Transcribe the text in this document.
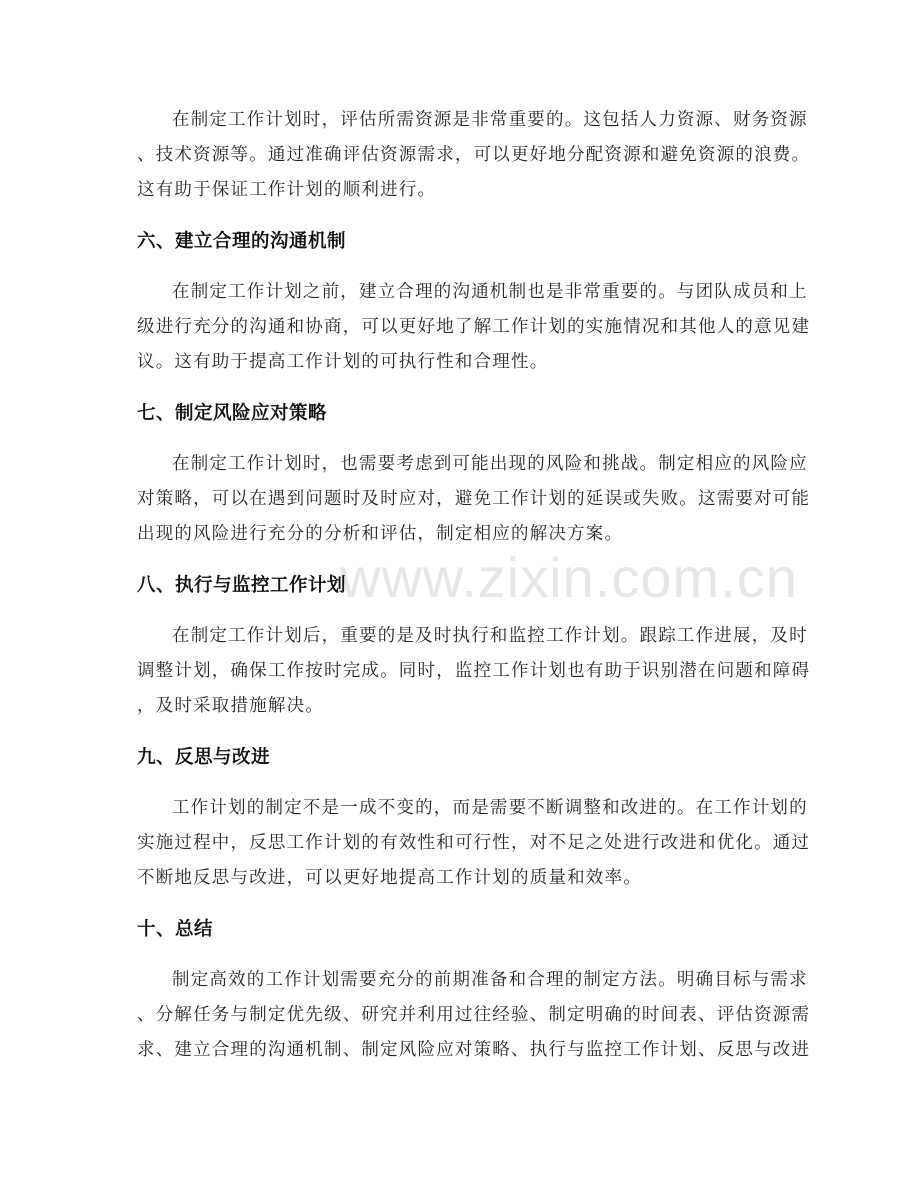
www.zixin.com.cn
在制定工作计划时，评估所需资源是非常重要的。这包括人力资源、财务资源
、技术资源等。通过准确评估资源需求，可以更好地分配资源和避免资源的浪费。
这有助于保证工作计划的顺利进行。
六、建立合理的沟通机制
在制定工作计划之前，建立合理的沟通机制也是非常重要的。与团队成员和上
级进行充分的沟通和协商，可以更好地了解工作计划的实施情况和其他人的意见建
议。这有助于提高工作计划的可执行性和合理性。
七、制定风险应对策略
在制定工作计划时，也需要考虑到可能出现的风险和挑战。制定相应的风险应
对策略，可以在遇到问题时及时应对，避免工作计划的延误或失败。这需要对可能
出现的风险进行充分的分析和评估，制定相应的解决方案。
八、执行与监控工作计划
在制定工作计划后，重要的是及时执行和监控工作计划。跟踪工作进展，及时
调整计划，确保工作按时完成。同时，监控工作计划也有助于识别潜在问题和障碍
，及时采取措施解决。
九、反思与改进
工作计划的制定不是一成不变的，而是需要不断调整和改进的。在工作计划的
实施过程中，反思工作计划的有效性和可行性，对不足之处进行改进和优化。通过
不断地反思与改进，可以更好地提高工作计划的质量和效率。
十、总结
制定高效的工作计划需要充分的前期准备和合理的制定方法。明确目标与需求
、分解任务与制定优先级、研究并利用过往经验、制定明确的时间表、评估资源需
求、建立合理的沟通机制、制定风险应对策略、执行与监控工作计划、反思与改进
